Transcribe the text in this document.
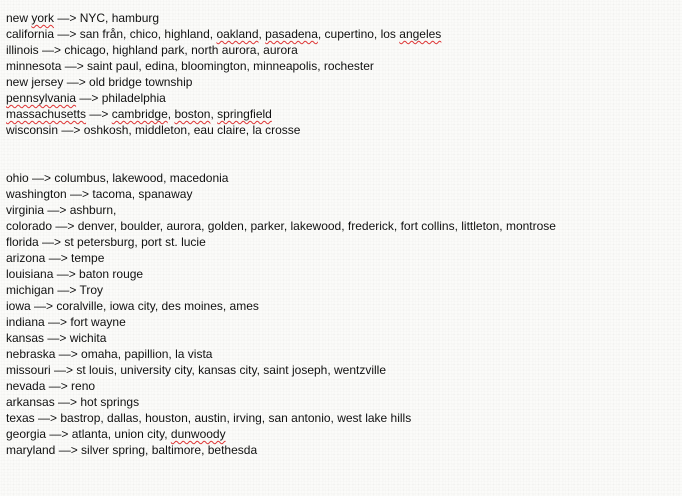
new york —> NYC, hamburg
california —> san från, chico, highland, oakland, pasadena, cupertino, los angeles
illinois —> chicago, highland park, north aurora, aurora
minnesota —> saint paul, edina, bloomington, minneapolis, rochester
new jersey —> old bridge township
pennsylvania —> philadelphia
massachusetts —> cambridge, boston, springfield
wisconsin —> oshkosh, middleton, eau claire, la crosse
ohio —> columbus, lakewood, macedonia
washington —> tacoma, spanaway
virginia —> ashburn,
colorado —> denver, boulder, aurora, golden, parker, lakewood, frederick, fort collins, littleton, montrose
florida —> st petersburg, port st. lucie
arizona —> tempe
louisiana —> baton rouge
michigan —> Troy
iowa —> coralville, iowa city, des moines, ames
indiana —> fort wayne
kansas —> wichita
nebraska —> omaha, papillion, la vista
missouri —> st louis, university city, kansas city, saint joseph, wentzville
nevada —> reno
arkansas —> hot springs
texas —> bastrop, dallas, houston, austin, irving, san antonio, west lake hills
georgia —> atlanta, union city, dunwoody
maryland —> silver spring, baltimore, bethesda
